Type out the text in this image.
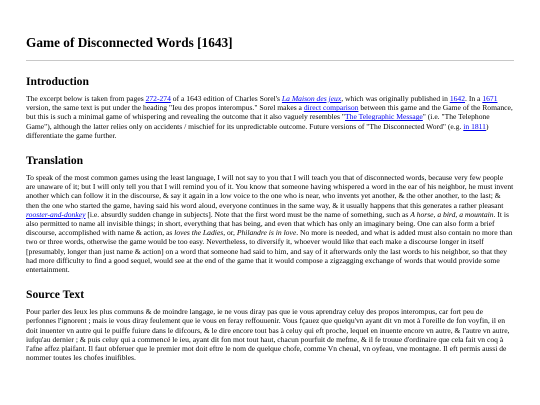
Game of Disconnected Words [1643]
Introduction

The excerpt below is taken from pages 272-274 of a 1643 edition of Charles Sorel's La Maison des jeux, which was originally published in 1642. In a 1671 version, the same text is put under the heading "Ieu des propos interompus." Sorel makes a direct comparison between this game and the Game of the Romance, but this is such a minimal game of whispering and revealing the outcome that it also vaguely resembles "The Telegraphic Message" (i.e. "The Telephone Game"), although the latter relies only on accidents / mischief for its unpredictable outcome. Future versions of "The Disconnected Word" (e.g. in 1811) differentiate the game further.

Translation

To speak of the most common games using the least language, I will not say to you that I will teach you that of disconnected words, because very few people are unaware of it; but I will only tell you that I will remind you of it. You know that someone having whispered a word in the ear of his neighbor, he must invent another which can follow it in the discourse, & say it again in a low voice to the one who is near, who invents yet another, & the other another, to the last; & then the one who started the game, having said his word aloud, everyone continues in the same way, & it usually happens that this generates a rather pleasant rooster-and-donkey [i.e. absurdly sudden change in subjects]. Note that the first word must be the name of something, such as A horse, a bird, a mountain. It is also permitted to name all invisible things; in short, everything that has being, and even that which has only an imaginary being. One can also form a brief discourse, accomplished with name & action, as loves the Ladies, or, Philandre is in love. No more is needed, and what is added must also contain no more than two or three words, otherwise the game would be too easy. Nevertheless, to diversify it, whoever would like that each make a discourse longer in itself [presumably, longer than just name & action] on a word that someone had said to him, and say of it afterwards only the last words to his neighbor, so that they had more difficulty to find a good sequel, would see at the end of the game that it would compose a zigzagging exchange of words that would provide some entertainment.

Source Text

Pour parler des Ieux les plus communs & de moindre langage, ie ne vous diray pas que ie vous aprendray celuy des propos interompus, car fort peu de perfonnes l'ignorent ; mais ie vous diray feulement que ie vous en feray reffouuenir. Vous fçauez que quelqu'vn ayant dit vn mot à l'oreille de fon voyfin, il en doit inuenter vn autre qui le puiffe fuiure dans le difcours, & le dire encore tout bas à celuy qui eft proche, lequel en inuente encore vn autre, & l'autre vn autre, iufqu'au dernier ; & puis celuy qui a commencé le ieu, ayant dit fon mot tout haut, chacun pourfuit de mefme, & il fe trouue d'ordinaire que cela fait vn coq à l'afne affez plaifant. Il faut obferuer que le premier mot doit eftre le nom de quelque chofe, comme Vn cheual, vn oyfeau, vne montagne. Il eft permis aussi de nommer toutes les chofes inuifibles.
